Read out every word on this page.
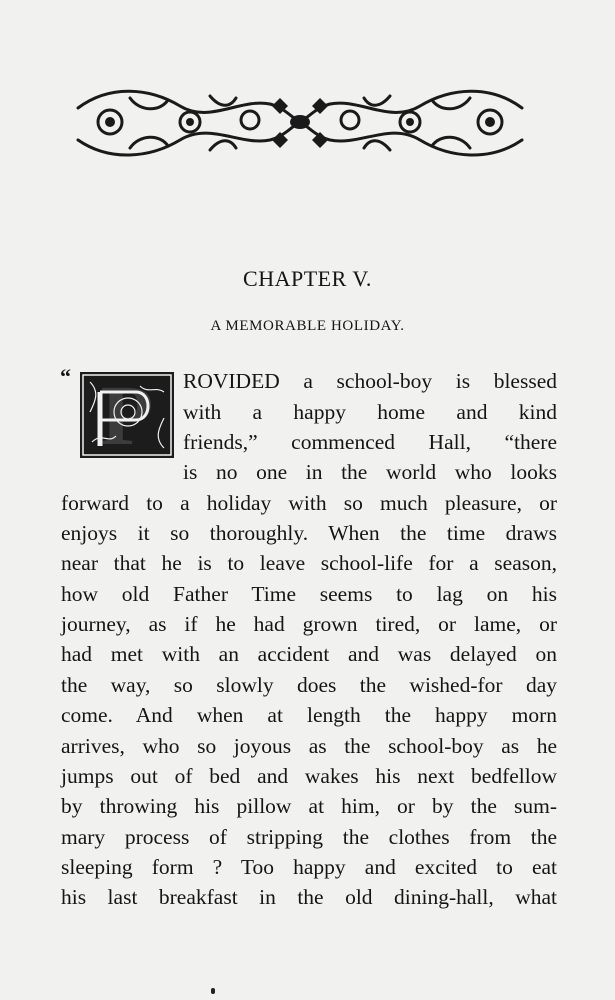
CHAPTER V.
A MEMORABLE HOLIDAY.
“ P	ROVIDED a school-boy is blessed
with a happy home and kind
friends,” commenced Hall, “there
is no one in the world who looks
forward to a holiday with so much pleasure, or
enjoys it so thoroughly. When the time draws
near that he is to leave school-life for a season,
how old Father Time seems to lag on his
journey, as if he had grown tired, or lame, or
had met with an accident and was delayed on
the way, so slowly does the wished-for day
come. And when at length the happy morn
arrives, who so joyous as the school-boy as he
jumps out of bed and wakes his next bedfellow
by throwing his pillow at him, or by the sum-
mary process of stripping the clothes from the
sleeping form ? Too happy and excited to eat
his last breakfast in the old dining-hall, what
